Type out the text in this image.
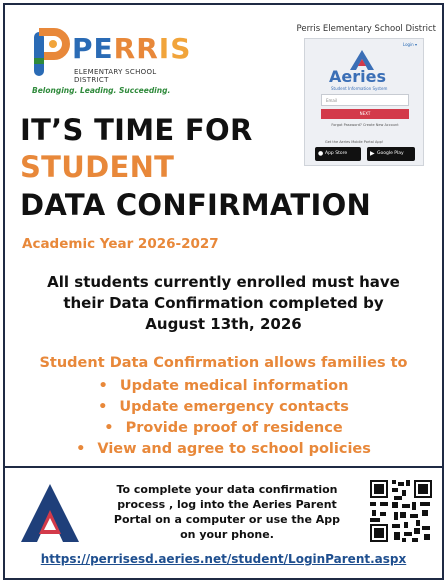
PERRIS
ELEMENTARY SCHOOL DISTRICT
Belonging. Leading. Succeeding.
Perris Elementary School District
Login ▾
Aeries
Student Information System
Email
NEXT
Forgot Password? Create New Account
Get the Aeries Mobile Portal App!
● App Store	▶ Google Play
IT’S TIME FOR
STUDENT
DATA CONFIRMATION
Academic Year 2026-2027
All students currently enrolled must have
their Data Confirmation completed by
August 13th, 2026
Student Data Confirmation allows families to
• Update medical information
• Update emergency contacts
• Provide proof of residence
• View and agree to school policies
To complete your data confirmation
process , log into the Aeries Parent
Portal on a computer or use the App
on your phone.
https://perrisesd.aeries.net/student/LoginParent.aspx
